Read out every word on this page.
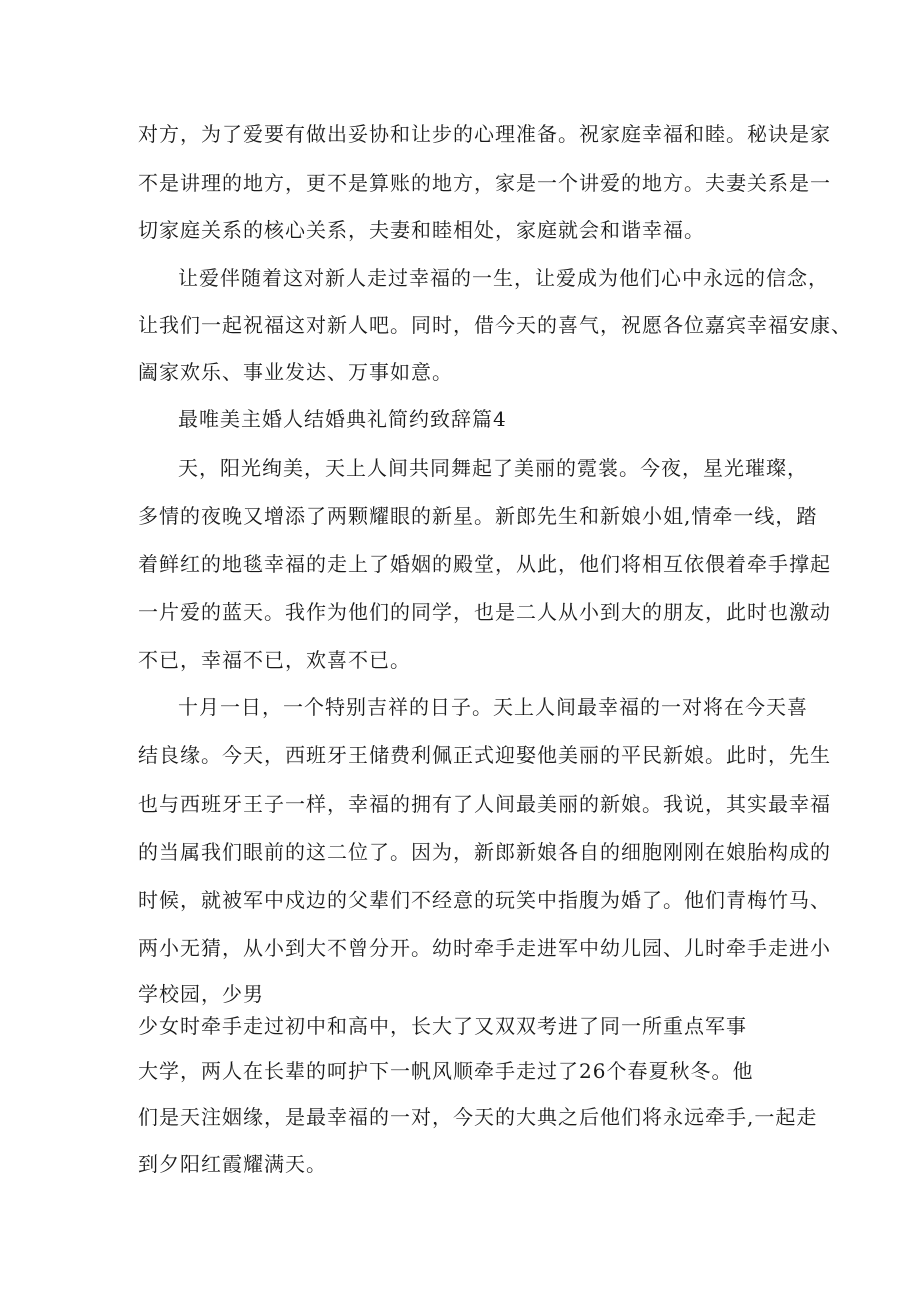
对方，为了爱要有做出妥协和让步的心理准备。祝家庭幸福和睦。秘诀是家
不是讲理的地方，更不是算账的地方，家是一个讲爱的地方。夫妻关系是一
切家庭关系的核心关系，夫妻和睦相处，家庭就会和谐幸福。
让爱伴随着这对新人走过幸福的一生，让爱成为他们心中永远的信念，
让我们一起祝福这对新人吧。同时，借今天的喜气，祝愿各位嘉宾幸福安康、
阖家欢乐、事业发达、万事如意。
最唯美主婚人结婚典礼简约致辞篇4
天，阳光绚美，天上人间共同舞起了美丽的霓裳。今夜，星光璀璨，
多情的夜晚又增添了两颗耀眼的新星。新郎先生和新娘小姐,情牵一线，踏
着鲜红的地毯幸福的走上了婚姻的殿堂，从此，他们将相互依偎着牵手撑起
一片爱的蓝天。我作为他们的同学，也是二人从小到大的朋友，此时也激动
不已，幸福不已，欢喜不已。
十月一日，一个特别吉祥的日子。天上人间最幸福的一对将在今天喜
结良缘。今天，西班牙王储费利佩正式迎娶他美丽的平民新娘。此时，先生
也与西班牙王子一样，幸福的拥有了人间最美丽的新娘。我说，其实最幸福
的当属我们眼前的这二位了。因为，新郎新娘各自的细胞刚刚在娘胎构成的
时候，就被军中戍边的父辈们不经意的玩笑中指腹为婚了。他们青梅竹马、
两小无猜，从小到大不曾分开。幼时牵手走进军中幼儿园、儿时牵手走进小
学校园，少男
少女时牵手走过初中和高中，长大了又双双考进了同一所重点军事
大学，两人在长辈的呵护下一帆风顺牵手走过了26个春夏秋冬。他
们是天注姻缘，是最幸福的一对，今天的大典之后他们将永远牵手,一起走
到夕阳红霞耀满天。
